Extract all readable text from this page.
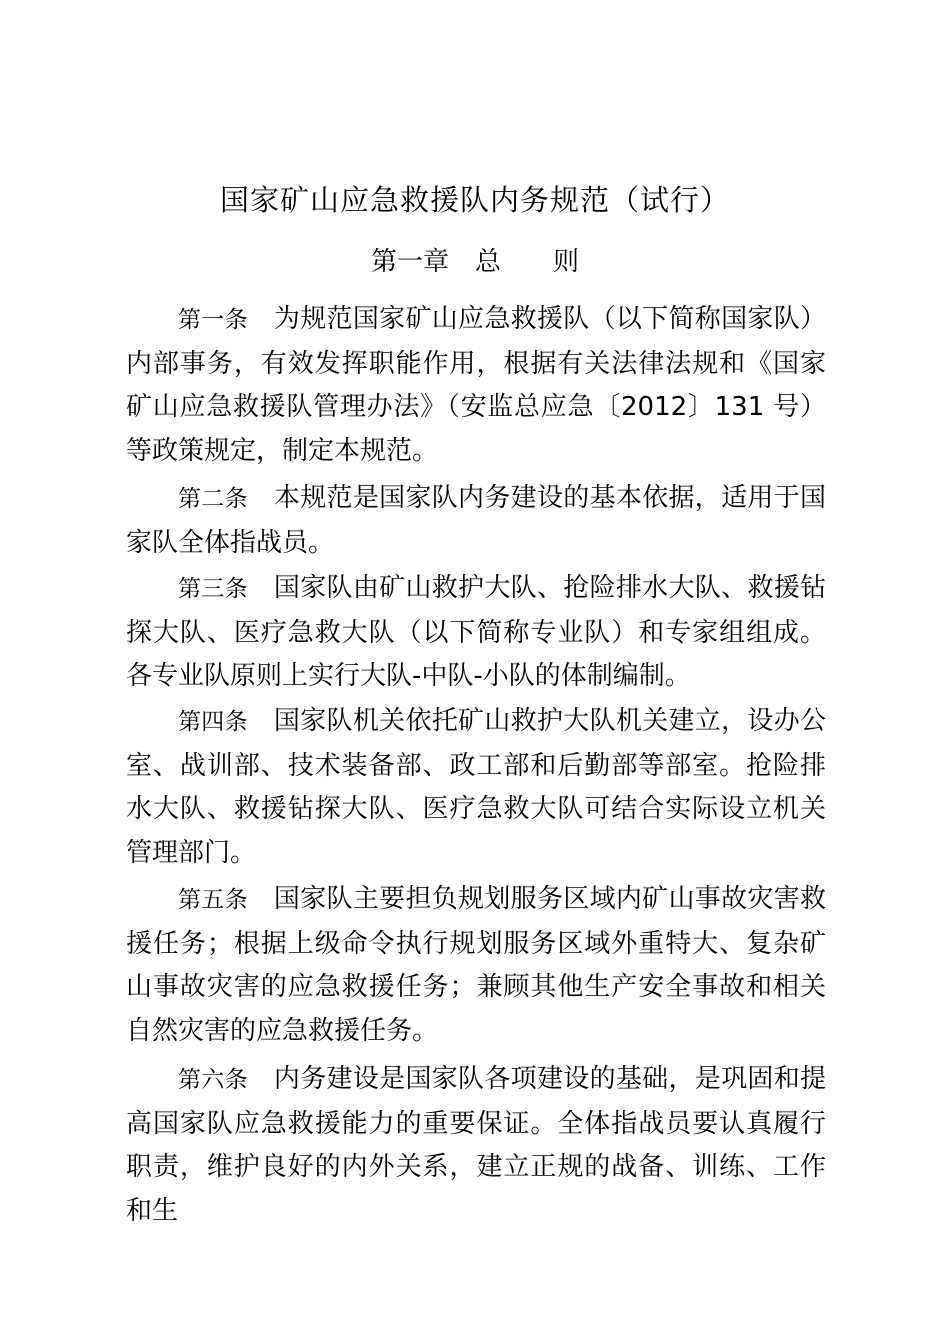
国家矿山应急救援队内务规范（试行）
第一章 总 则

第一条 为规范国家矿山应急救援队（以下简称国家队）内部事务，有效发挥职能作用，根据有关法律法规和《国家矿山应急救援队管理办法》（安监总应急〔2012〕131 号）等政策规定，制定本规范。

第二条 本规范是国家队内务建设的基本依据，适用于国家队全体指战员。

第三条 国家队由矿山救护大队、抢险排水大队、救援钻探大队、医疗急救大队（以下简称专业队）和专家组组成。各专业队原则上实行大队-中队-小队的体制编制。

第四条 国家队机关依托矿山救护大队机关建立，设办公室、战训部、技术装备部、政工部和后勤部等部室。抢险排水大队、救援钻探大队、医疗急救大队可结合实际设立机关管理部门。

第五条 国家队主要担负规划服务区域内矿山事故灾害救援任务；根据上级命令执行规划服务区域外重特大、复杂矿山事故灾害的应急救援任务；兼顾其他生产安全事故和相关自然灾害的应急救援任务。

第六条 内务建设是国家队各项建设的基础，是巩固和提高国家队应急救援能力的重要保证。全体指战员要认真履行职责，维护良好的内外关系，建立正规的战备、训练、工作和生
